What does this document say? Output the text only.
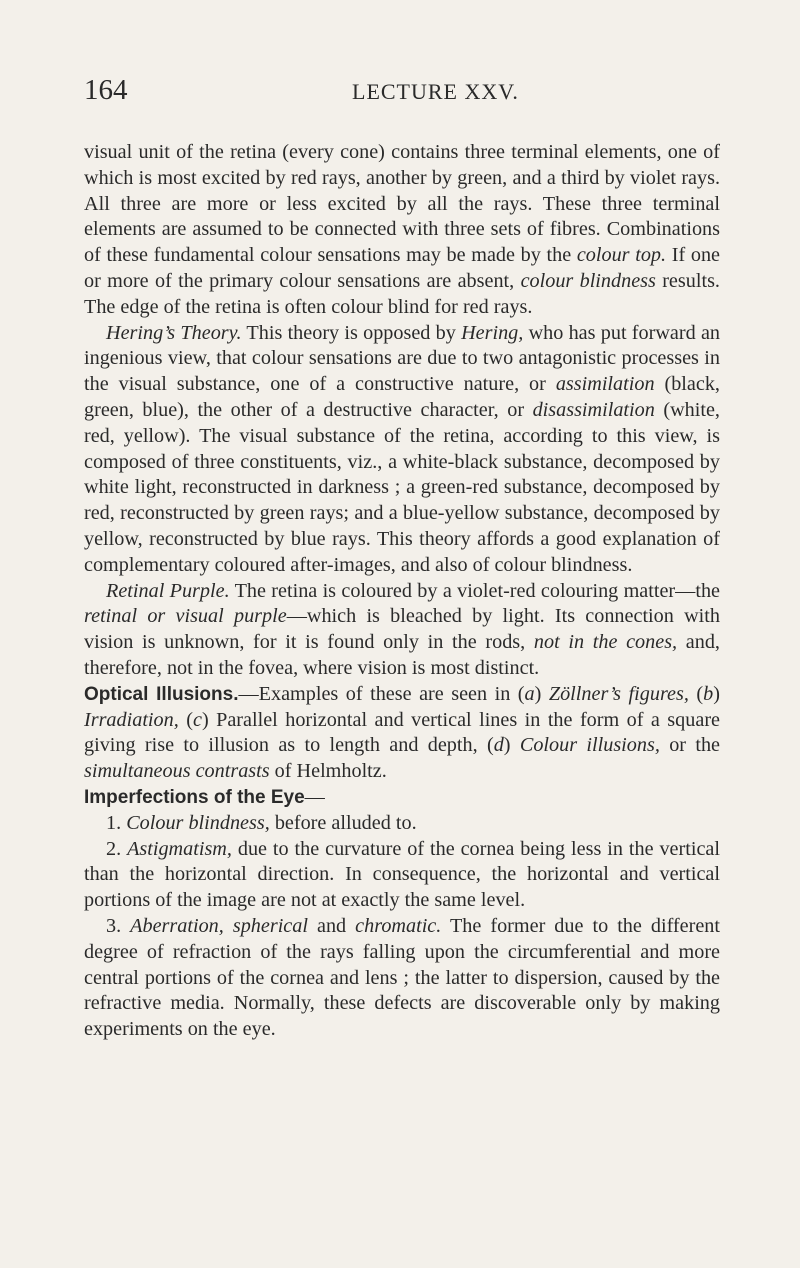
164	LECTURE XXV.

visual unit of the retina (every cone) contains three terminal elements, one of which is most excited by red rays, another by green, and a third by violet rays. All three are more or less excited by all the rays. These three terminal elements are assumed to be connected with three sets of fibres. Combinations of these fundamental colour sensations may be made by the colour top. If one or more of the primary colour sensations are absent, colour blindness results. The edge of the retina is often colour blind for red rays.

Hering’s Theory. This theory is opposed by Hering, who has put forward an ingenious view, that colour sensations are due to two antagonistic processes in the visual substance, one of a constructive nature, or assimilation (black, green, blue), the other of a destructive character, or disassimilation (white, red, yellow). The visual substance of the retina, according to this view, is composed of three constituents, viz., a white-black substance, decomposed by white light, reconstructed in darkness ; a green-red substance, decomposed by red, reconstructed by green rays; and a blue-yellow substance, decomposed by yellow, reconstructed by blue rays. This theory affords a good explanation of complementary coloured after-images, and also of colour blindness.

Retinal Purple. The retina is coloured by a violet-red colouring matter—the retinal or visual purple—which is bleached by light. Its connection with vision is unknown, for it is found only in the rods, not in the cones, and, therefore, not in the fovea, where vision is most distinct.

Optical Illusions.—Examples of these are seen in (a) Zöllner’s figures, (b) Irradiation, (c) Parallel horizontal and vertical lines in the form of a square giving rise to illusion as to length and depth, (d) Colour illusions, or the simultaneous contrasts of Helmholtz.

Imperfections of the Eye—

1. Colour blindness, before alluded to.

2. Astigmatism, due to the curvature of the cornea being less in the vertical than the horizontal direction. In consequence, the horizontal and vertical portions of the image are not at exactly the same level.

3. Aberration, spherical and chromatic. The former due to the different degree of refraction of the rays falling upon the circumferential and more central portions of the cornea and lens ; the latter to dispersion, caused by the refractive media. Normally, these defects are discoverable only by making experiments on the eye.
